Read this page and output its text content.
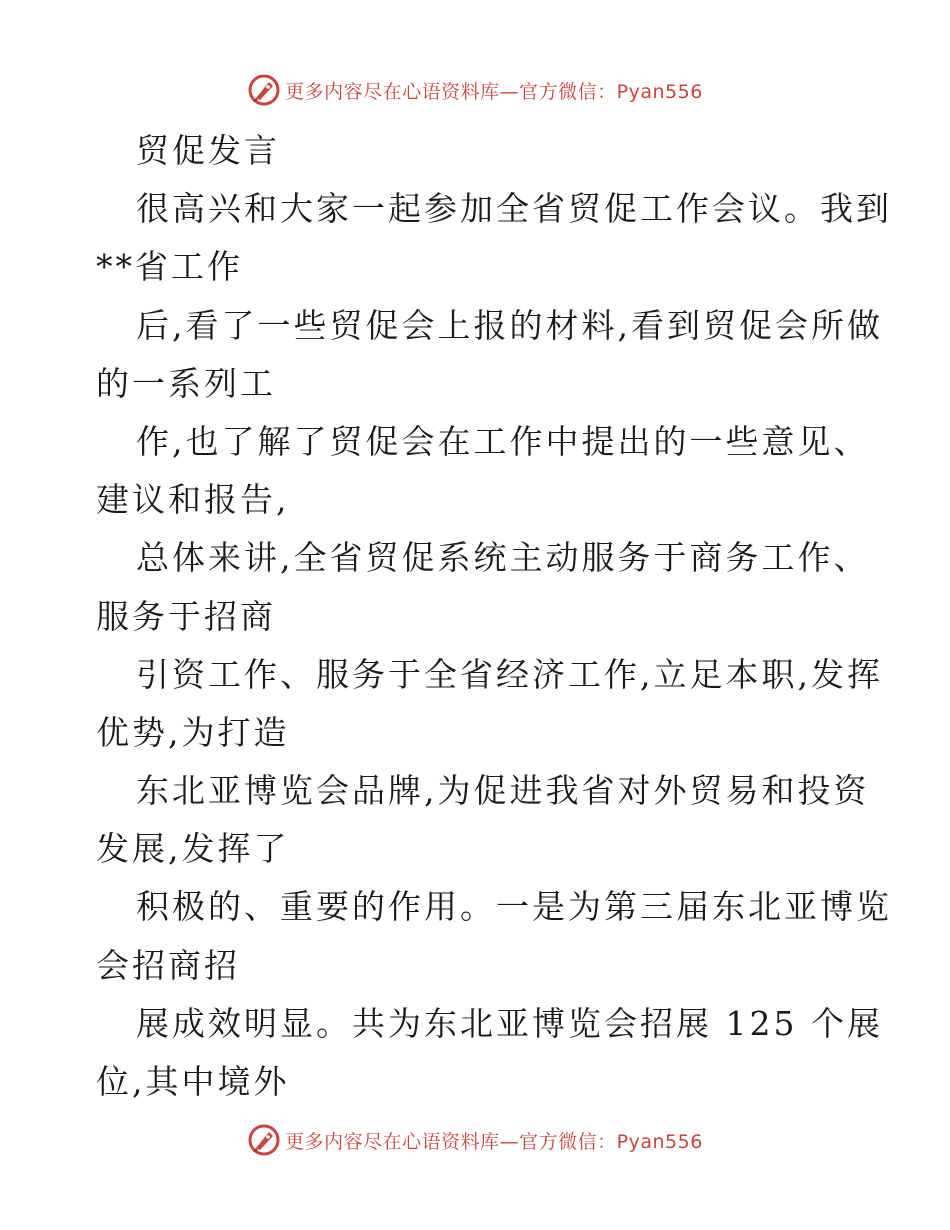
更多内容尽在心语资料库—官方微信：Pyan556
贸促发言
很高兴和大家一起参加全省贸促工作会议。我到
**省工作
后,看了一些贸促会上报的材料,看到贸促会所做
的一系列工
作,也了解了贸促会在工作中提出的一些意见、
建议和报告,
总体来讲,全省贸促系统主动服务于商务工作、
服务于招商
引资工作、服务于全省经济工作,立足本职,发挥
优势,为打造
东北亚博览会品牌,为促进我省对外贸易和投资
发展,发挥了
积极的、重要的作用。一是为第三届东北亚博览
会招商招
展成效明显。共为东北亚博览会招展 125 个展
位,其中境外
更多内容尽在心语资料库—官方微信：Pyan556
